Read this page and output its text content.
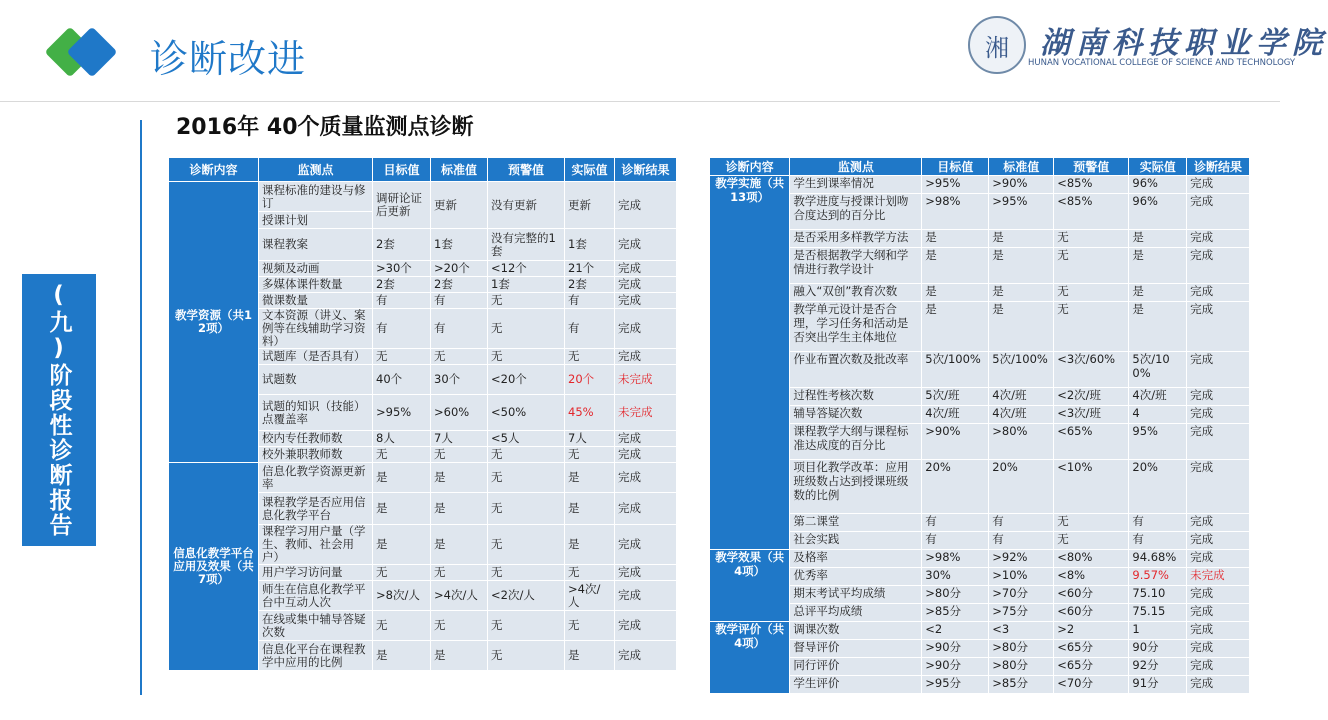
诊断改进	湘	湖南科技职业学院
HUNAN VOCATIONAL COLLEGE OF SCIENCE AND TECHNOLOGY
(九)阶段性诊断报告
2016年 40个质量监测点诊断
诊断内容	监测点	目标值	标准值	预警值	实际值	诊断结果
教学资源（共12项）	课程标准的建设与修订	调研论证后更新	更新	没有更新	更新	完成
	授课计划					
	课程教案	2套	1套	没有完整的1套	1套	完成
	视频及动画	>30个	>20个	<12个	21个	完成
	多媒体课件数量	2套	2套	1套	2套	完成
	微课数量	有	有	无	有	完成
	文本资源（讲义、案例等在线辅助学习资料）	有	有	无	有	完成
	试题库（是否具有）	无	无	无	无	完成
	试题数	40个	30个	<20个	20个	未完成
	试题的知识（技能）点覆盖率	>95%	>60%	<50%	45%	未完成
	校内专任教师数	8人	7人	<5人	7人	完成
	校外兼职教师数	无	无	无	无	完成
信息化教学平台应用及效果（共7项）	信息化教学资源更新率	是	是	无	是	完成
	课程教学是否应用信息化教学平台	是	是	无	是	完成
	课程学习用户量（学生、教师、社会用户）	是	是	无	是	完成
	用户学习访问量	无	无	无	无	完成
	师生在信息化教学平台中互动人次	>8次/人	>4次/人	<2次/人	>4次/人	完成
	在线或集中辅导答疑次数	无	无	无	无	完成
	信息化平台在课程教学中应用的比例	是	是	无	是	完成
诊断内容	监测点	目标值	标准值	预警值	实际值	诊断结果
教学实施（共13项）	学生到课率情况	>95%	>90%	<85%	96%	完成
	教学进度与授课计划吻合度达到的百分比	>98%	>95%	<85%	96%	完成
	是否采用多样教学方法	是	是	无	是	完成
	是否根据教学大纲和学情进行教学设计	是	是	无	是	完成
	融入“双创”教育次数	是	是	无	是	完成
	教学单元设计是否合理，学习任务和活动是否突出学生主体地位	是	是	无	是	完成
	作业布置次数及批改率	5次/100%	5次/100%	<3次/60%	5次/100%	完成
	过程性考核次数	5次/班	4次/班	<2次/班	4次/班	完成
	辅导答疑次数	4次/班	4次/班	<3次/班	4	完成
	课程教学大纲与课程标准达成度的百分比	>90%	>80%	<65%	95%	完成
	项目化教学改革：应用班级数占达到授课班级数的比例	20%	20%	<10%	20%	完成
	第二课堂	有	有	无	有	完成
	社会实践	有	有	无	有	完成
教学效果（共4项）	及格率	>98%	>92%	<80%	94.68%	完成
	优秀率	30%	>10%	<8%	9.57%	未完成
	期末考试平均成绩	>80分	>70分	<60分	75.10	完成
	总评平均成绩	>85分	>75分	<60分	75.15	完成
教学评价（共4项）	调课次数	<2	<3	>2	1	完成
	督导评价	>90分	>80分	<65分	90分	完成
	同行评价	>90分	>80分	<65分	92分	完成
	学生评价	>95分	>85分	<70分	91分	完成
